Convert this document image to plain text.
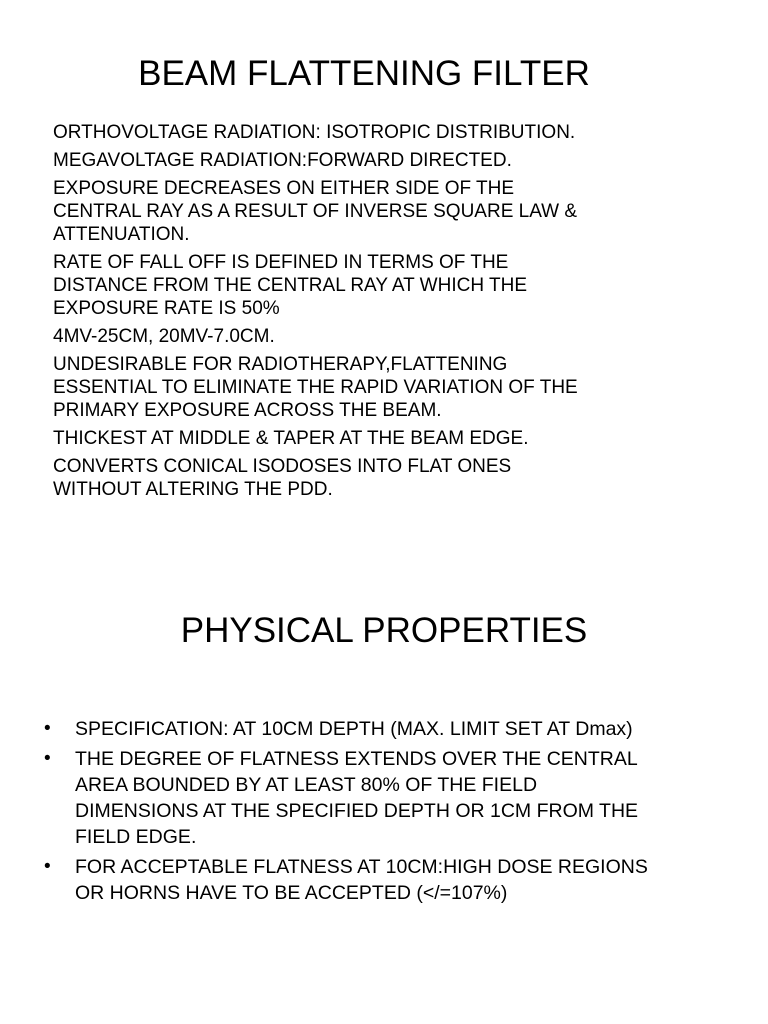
BEAM FLATTENING FILTER
ORTHOVOLTAGE RADIATION: ISOTROPIC DISTRIBUTION.
MEGAVOLTAGE RADIATION:FORWARD DIRECTED.
EXPOSURE DECREASES ON EITHER SIDE OF THE
CENTRAL RAY AS A RESULT OF INVERSE SQUARE LAW &
ATTENUATION.
RATE OF FALL OFF IS DEFINED IN TERMS OF THE
DISTANCE FROM THE CENTRAL RAY AT WHICH THE
EXPOSURE RATE IS 50%
4MV-25CM, 20MV-7.0CM.
UNDESIRABLE FOR RADIOTHERAPY,FLATTENING
ESSENTIAL TO ELIMINATE THE RAPID VARIATION OF THE
PRIMARY EXPOSURE ACROSS THE BEAM.
THICKEST AT MIDDLE & TAPER AT THE BEAM EDGE.
CONVERTS CONICAL ISODOSES INTO FLAT ONES
WITHOUT ALTERING THE PDD.
PHYSICAL PROPERTIES
• SPECIFICATION: AT 10CM DEPTH (MAX. LIMIT SET AT Dmax)
• THE DEGREE OF FLATNESS EXTENDS OVER THE CENTRAL
AREA BOUNDED BY AT LEAST 80% OF THE FIELD
DIMENSIONS AT THE SPECIFIED DEPTH OR 1CM FROM THE
FIELD EDGE.
• FOR ACCEPTABLE FLATNESS AT 10CM:HIGH DOSE REGIONS
OR HORNS HAVE TO BE ACCEPTED (</=107%)
